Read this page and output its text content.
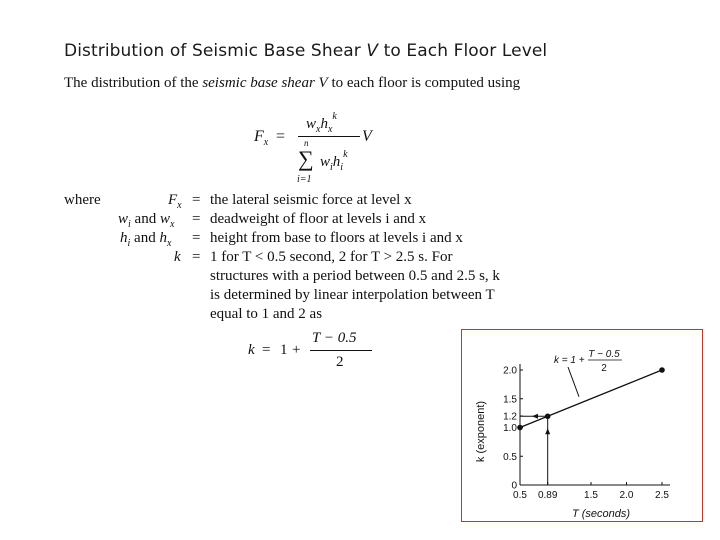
Distribution of Seismic Base Shear V to Each Floor Level
The distribution of the seismic base shear V to each floor is computed using
$F_x$ =
$w_xh_x^k$
V
n
∑
i=1
$w_ih_i^k$
where	$F_x$ = the lateral seismic force at level x
$w_i$ and $w_x$ = deadweight of floor at levels i and x
$h_i$ and $h_x$ = height from base to floors at levels i and x
k = 1 for T < 0.5 second, 2 for T > 2.5 s. For
structures with a period between 0.5 and 2.5 s, k
is determined by linear interpolation between T
equal to 1 and 2 as
k = 1 +
T − 0.5
2
0.5 0.89	1.5 2.0 2.5
0
0.5
1.0
1.2
1.5
2.0
T (seconds)
k (exponent)
k = 1 +
T − 0.5
2
